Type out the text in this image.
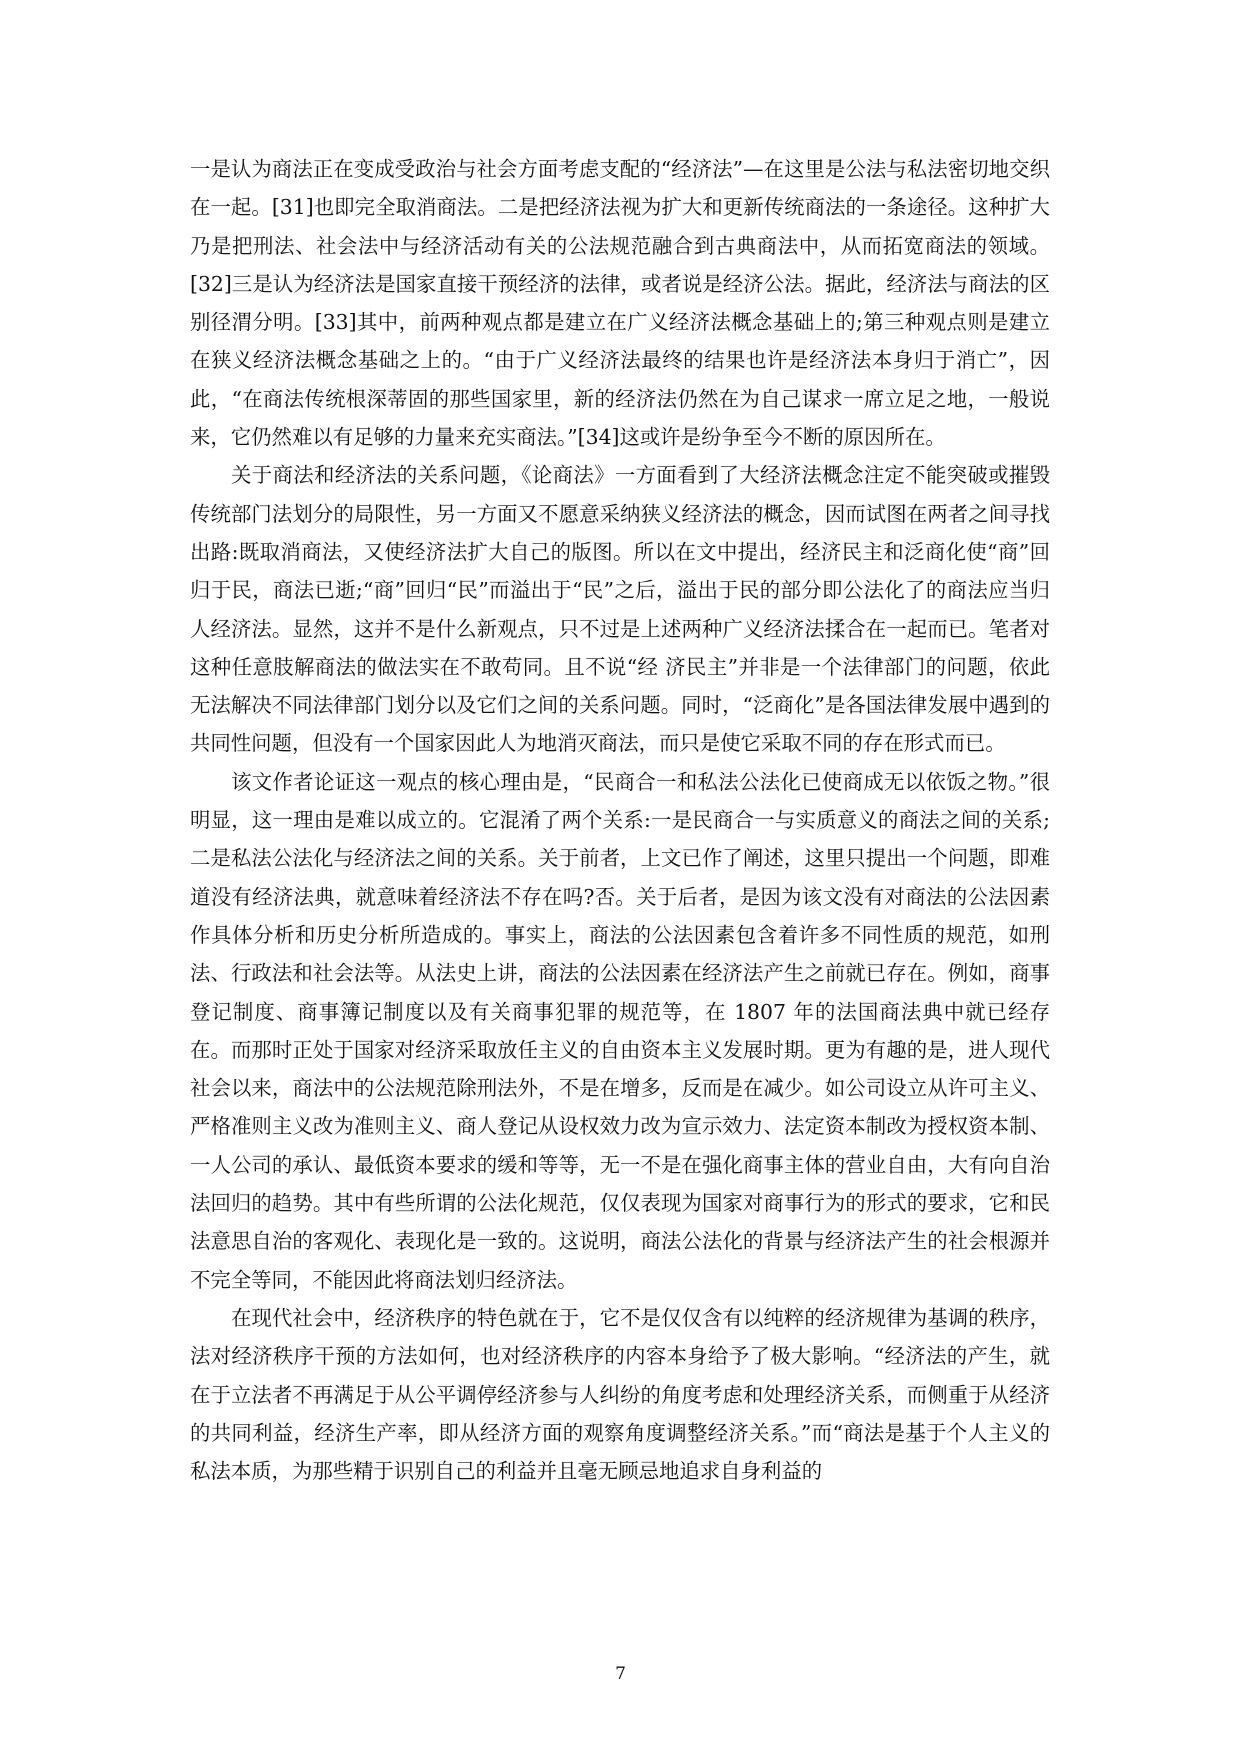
一是认为商法正在变成受政治与社会方面考虑支配的“经济法”—在这里是公法与私法密切地交织在一起。[31]也即完全取消商法。二是把经济法视为扩大和更新传统商法的一条途径。这种扩大乃是把刑法、社会法中与经济活动有关的公法规范融合到古典商法中，从而拓宽商法的领域。[32]三是认为经济法是国家直接干预经济的法律，或者说是经济公法。据此，经济法与商法的区别径渭分明。[33]其中，前两种观点都是建立在广义经济法概念基础上的;第三种观点则是建立在狭义经济法概念基础之上的。“由于广义经济法最终的结果也许是经济法本身归于消亡”，因此，“在商法传统根深蒂固的那些国家里，新的经济法仍然在为自己谋求一席立足之地，一般说来，它仍然难以有足够的力量来充实商法。”[34]这或许是纷争至今不断的原因所在。

关于商法和经济法的关系问题，《论商法》一方面看到了大经济法概念注定不能突破或摧毁传统部门法划分的局限性，另一方面又不愿意采纳狭义经济法的概念，因而试图在两者之间寻找出路:既取消商法，又使经济法扩大自己的版图。所以在文中提出，经济民主和泛商化使“商”回归于民，商法已逝;“商”回归“民”而溢出于“民”之后，溢出于民的部分即公法化了的商法应当归人经济法。显然，这并不是什么新观点，只不过是上述两种广义经济法揉合在一起而已。笔者对这种任意肢解商法的做法实在不敢苟同。且不说“经 济民主”并非是一个法律部门的问题，依此无法解决不同法律部门划分以及它们之间的关系问题。同时，“泛商化”是各国法律发展中遇到的共同性问题，但没有一个国家因此人为地消灭商法，而只是使它采取不同的存在形式而已。

该文作者论证这一观点的核心理由是，“民商合一和私法公法化已使商成无以依饭之物。”很明显，这一理由是难以成立的。它混淆了两个关系:一是民商合一与实质意义的商法之间的关系;二是私法公法化与经济法之间的关系。关于前者，上文已作了阐述，这里只提出一个问题，即难道没有经济法典，就意味着经济法不存在吗?否。关于后者，是因为该文没有对商法的公法因素作具体分析和历史分析所造成的。事实上，商法的公法因素包含着许多不同性质的规范，如刑法、行政法和社会法等。从法史上讲，商法的公法因素在经济法产生之前就已存在。例如，商事登记制度、商事簿记制度以及有关商事犯罪的规范等，在 1807 年的法国商法典中就已经存在。而那时正处于国家对经济采取放任主义的自由资本主义发展时期。更为有趣的是，进人现代社会以来，商法中的公法规范除刑法外，不是在增多，反而是在减少。如公司设立从许可主义、严格准则主义改为准则主义、商人登记从设权效力改为宣示效力、法定资本制改为授权资本制、一人公司的承认、最低资本要求的缓和等等，无一不是在强化商事主体的营业自由，大有向自治法回归的趋势。其中有些所谓的公法化规范，仅仅表现为国家对商事行为的形式的要求，它和民法意思自治的客观化、表现化是一致的。这说明，商法公法化的背景与经济法产生的社会根源并不完全等同，不能因此将商法划归经济法。

在现代社会中，经济秩序的特色就在于，它不是仅仅含有以纯粹的经济规律为基调的秩序，法对经济秩序干预的方法如何，也对经济秩序的内容本身给予了极大影响。“经济法的产生，就在于立法者不再满足于从公平调停经济参与人纠纷的角度考虑和处理经济关系，而侧重于从经济的共同利益，经济生产率，即从经济方面的观察角度调整经济关系。”而“商法是基于个人主义的私法本质，为那些精于识别自己的利益并且毫无顾忌地追求自身利益的

7
